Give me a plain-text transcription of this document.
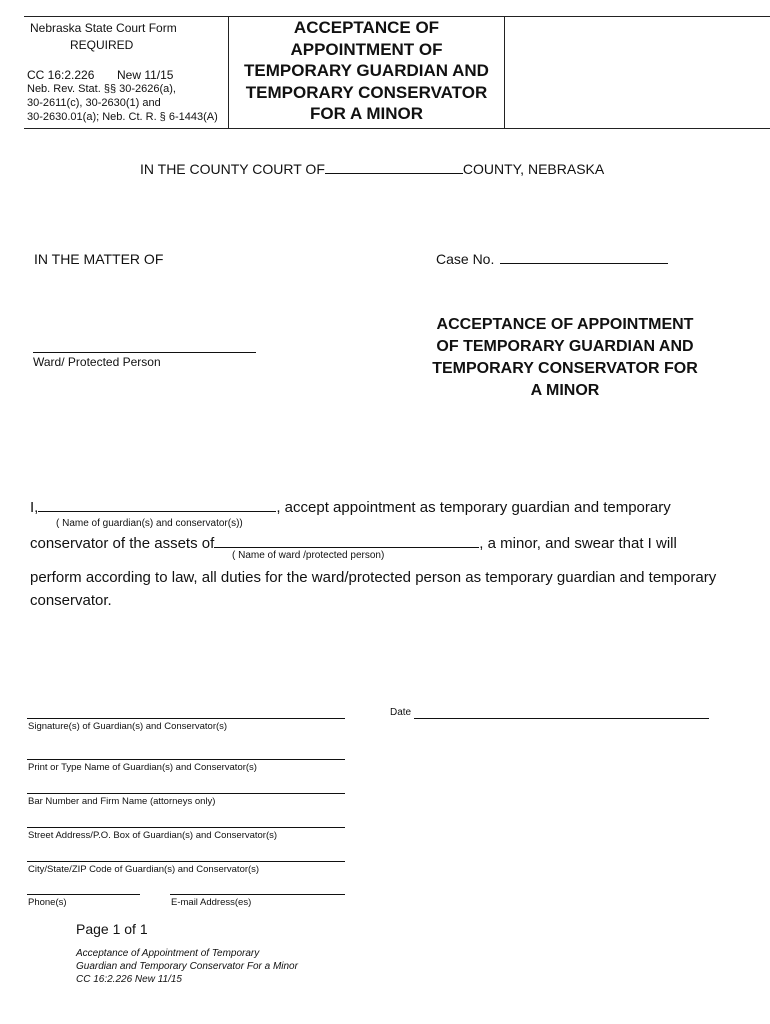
Nebraska State Court Form
REQUIRED
CC 16:2.226 New 11/15
Neb. Rev. Stat. §§ 30-2626(a),
30-2611(c), 30-2630(1) and
30-2630.01(a); Neb. Ct. R. § 6-1443(A)
ACCEPTANCE OF
APPOINTMENT OF
TEMPORARY GUARDIAN AND
TEMPORARY CONSERVATOR
FOR A MINOR
IN THE COUNTY COURT OF	COUNTY, NEBRASKA
IN THE MATTER OF	Case No.
Ward/ Protected Person
ACCEPTANCE OF APPOINTMENT
OF TEMPORARY GUARDIAN AND
TEMPORARY CONSERVATOR FOR
A MINOR
I,	, accept appointment as temporary guardian and temporary
( Name of guardian(s) and conservator(s))
conservator of the assets of	, a minor, and swear that I will
( Name of ward /protected person)
perform according to law, all duties for the ward/protected person as temporary guardian and temporary
conservator.
Signature(s) of Guardian(s) and Conservator(s)
Date
Print or Type Name of Guardian(s) and Conservator(s)
Bar Number and Firm Name (attorneys only)
Street Address/P.O. Box of Guardian(s) and Conservator(s)
City/State/ZIP Code of Guardian(s) and Conservator(s)
Phone(s)	E-mail Address(es)
Page 1 of 1
Acceptance of Appointment of Temporary
Guardian and Temporary Conservator For a Minor
CC 16:2.226 New 11/15
